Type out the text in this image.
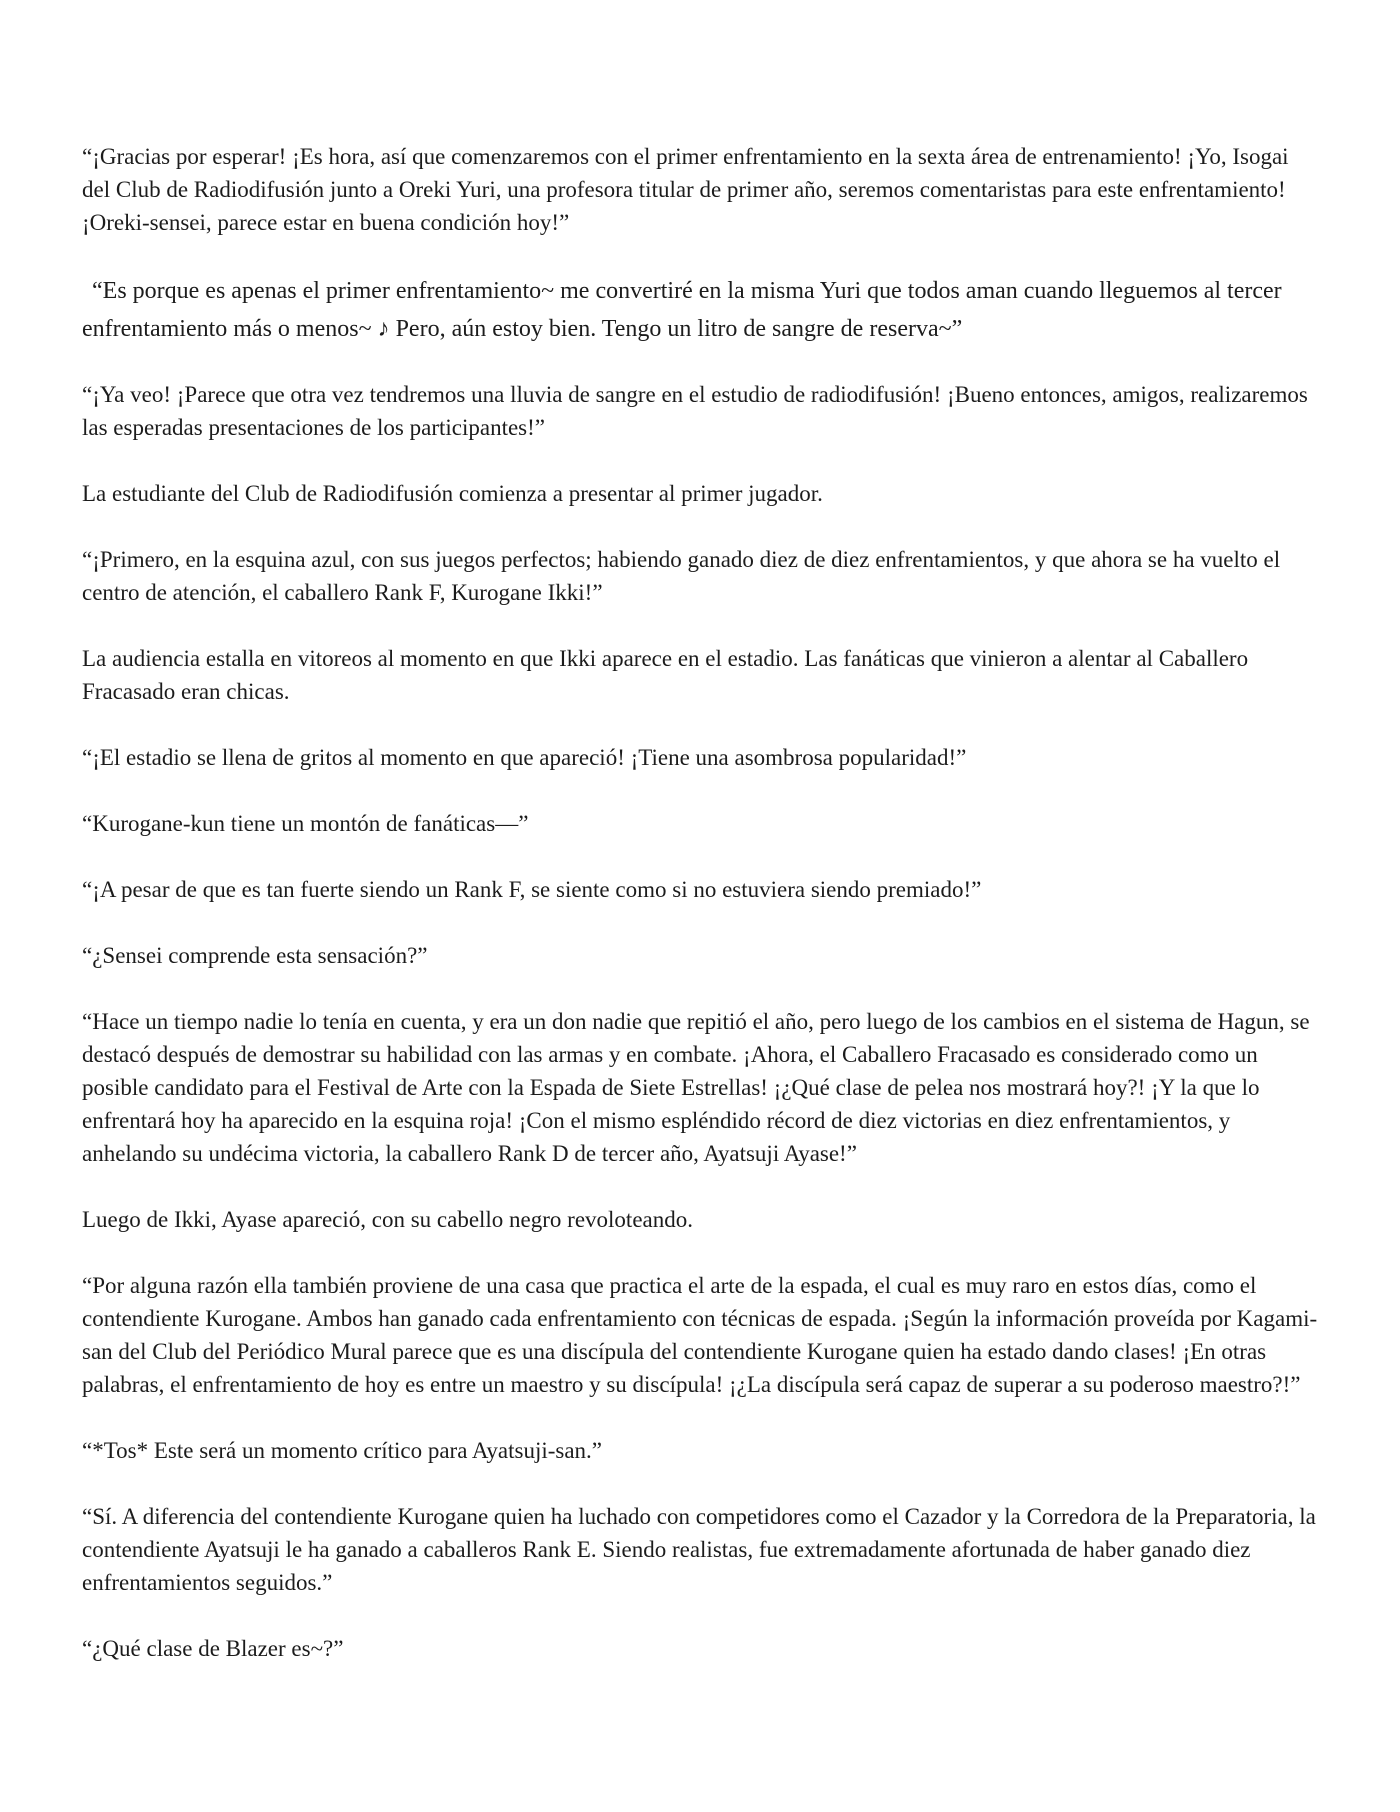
“¡Gracias por esperar! ¡Es hora, así que comenzaremos con el primer enfrentamiento en la sexta área de entrenamiento! ¡Yo, Isogai del Club de Radiodifusión junto a Oreki Yuri, una profesora titular de primer año, seremos comentaristas para este enfrentamiento! ¡Oreki-sensei, parece estar en buena condición hoy!”

“Es porque es apenas el primer enfrentamiento~ me convertiré en la misma Yuri que todos aman cuando lleguemos al tercer enfrentamiento más o menos~ ♪ Pero, aún estoy bien. Tengo un litro de sangre de reserva~”

“¡Ya veo! ¡Parece que otra vez tendremos una lluvia de sangre en el estudio de radiodifusión! ¡Bueno entonces, amigos, realizaremos las esperadas presentaciones de los participantes!”

La estudiante del Club de Radiodifusión comienza a presentar al primer jugador.

“¡Primero, en la esquina azul, con sus juegos perfectos; habiendo ganado diez de diez enfrentamientos, y que ahora se ha vuelto el centro de atención, el caballero Rank F, Kurogane Ikki!”

La audiencia estalla en vitoreos al momento en que Ikki aparece en el estadio. Las fanáticas que vinieron a alentar al Caballero Fracasado eran chicas.

“¡El estadio se llena de gritos al momento en que apareció! ¡Tiene una asombrosa popularidad!”

“Kurogane-kun tiene un montón de fanáticas—”

“¡A pesar de que es tan fuerte siendo un Rank F, se siente como si no estuviera siendo premiado!”

“¿Sensei comprende esta sensación?”

“Hace un tiempo nadie lo tenía en cuenta, y era un don nadie que repitió el año, pero luego de los cambios en el sistema de Hagun, se destacó después de demostrar su habilidad con las armas y en combate. ¡Ahora, el Caballero Fracasado es considerado como un posible candidato para el Festival de Arte con la Espada de Siete Estrellas! ¡¿Qué clase de pelea nos mostrará hoy?! ¡Y la que lo enfrentará hoy ha aparecido en la esquina roja! ¡Con el mismo espléndido récord de diez victorias en diez enfrentamientos, y anhelando su undécima victoria, la caballero Rank D de tercer año, Ayatsuji Ayase!”

Luego de Ikki, Ayase apareció, con su cabello negro revoloteando.

“Por alguna razón ella también proviene de una casa que practica el arte de la espada, el cual es muy raro en estos días, como el contendiente Kurogane. Ambos han ganado cada enfrentamiento con técnicas de espada. ¡Según la información proveída por Kagami-san del Club del Periódico Mural parece que es una discípula del contendiente Kurogane quien ha estado dando clases! ¡En otras palabras, el enfrentamiento de hoy es entre un maestro y su discípula! ¡¿La discípula será capaz de superar a su poderoso maestro?!”

“*Tos* Este será un momento crítico para Ayatsuji-san.”

“Sí. A diferencia del contendiente Kurogane quien ha luchado con competidores como el Cazador y la Corredora de la Preparatoria, la contendiente Ayatsuji le ha ganado a caballeros Rank E. Siendo realistas, fue extremadamente afortunada de haber ganado diez enfrentamientos seguidos.”

“¿Qué clase de Blazer es~?”
